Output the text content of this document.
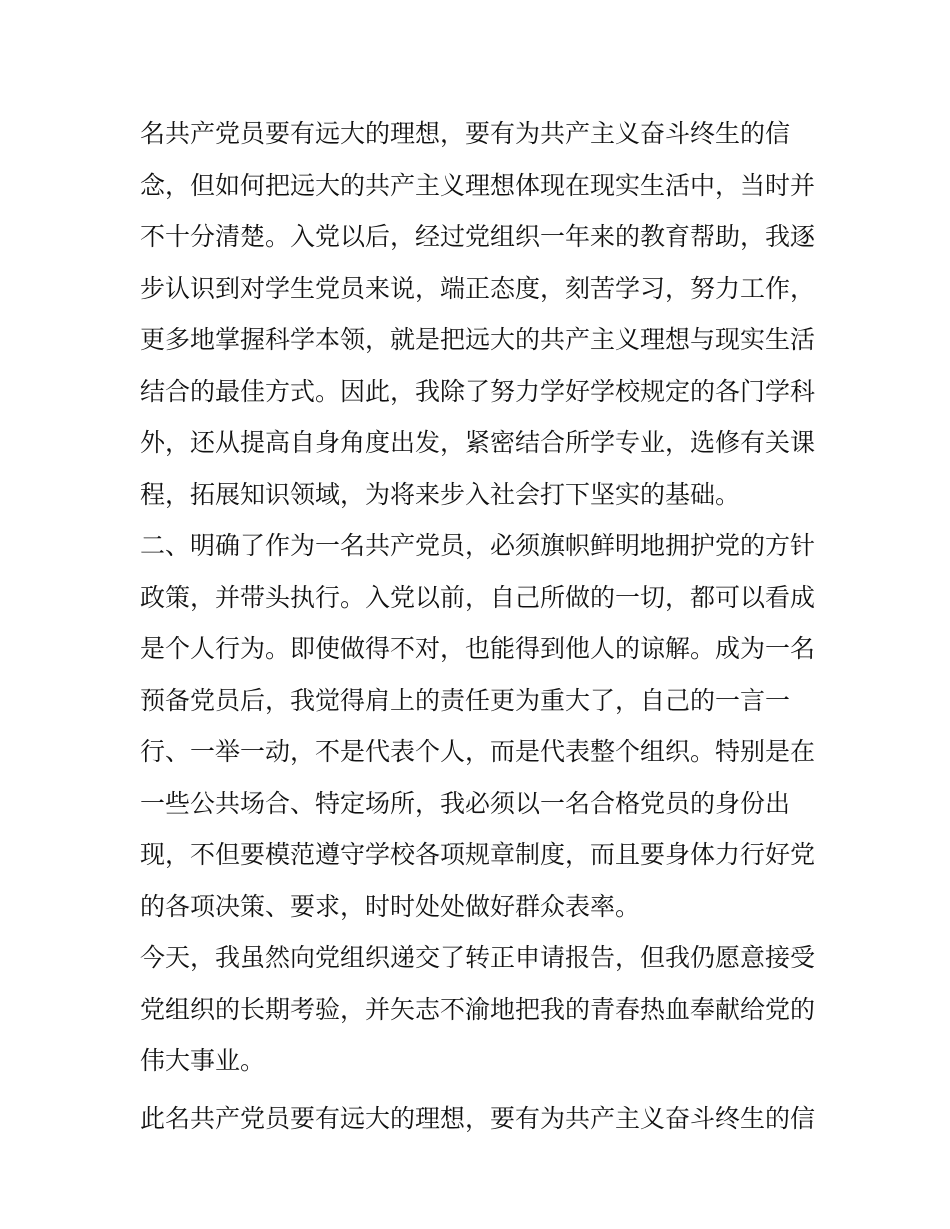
名共产党员要有远大的理想，要有为共产主义奋斗终生的信
念，但如何把远大的共产主义理想体现在现实生活中，当时并
不十分清楚。入党以后，经过党组织一年来的教育帮助，我逐
步认识到对学生党员来说，端正态度，刻苦学习，努力工作，
更多地掌握科学本领，就是把远大的共产主义理想与现实生活
结合的最佳方式。因此，我除了努力学好学校规定的各门学科
外，还从提高自身角度出发，紧密结合所学专业，选修有关课
程，拓展知识领域，为将来步入社会打下坚实的基础。
二、明确了作为一名共产党员，必须旗帜鲜明地拥护党的方针
政策，并带头执行。入党以前，自己所做的一切，都可以看成
是个人行为。即使做得不对，也能得到他人的谅解。成为一名
预备党员后，我觉得肩上的责任更为重大了，自己的一言一
行、一举一动，不是代表个人，而是代表整个组织。特别是在
一些公共场合、特定场所，我必须以一名合格党员的身份出
现，不但要模范遵守学校各项规章制度，而且要身体力行好党
的各项决策、要求，时时处处做好群众表率。
今天，我虽然向党组织递交了转正申请报告，但我仍愿意接受
党组织的长期考验，并矢志不渝地把我的青春热血奉献给党的
伟大事业。
此名共产党员要有远大的理想，要有为共产主义奋斗终生的信
